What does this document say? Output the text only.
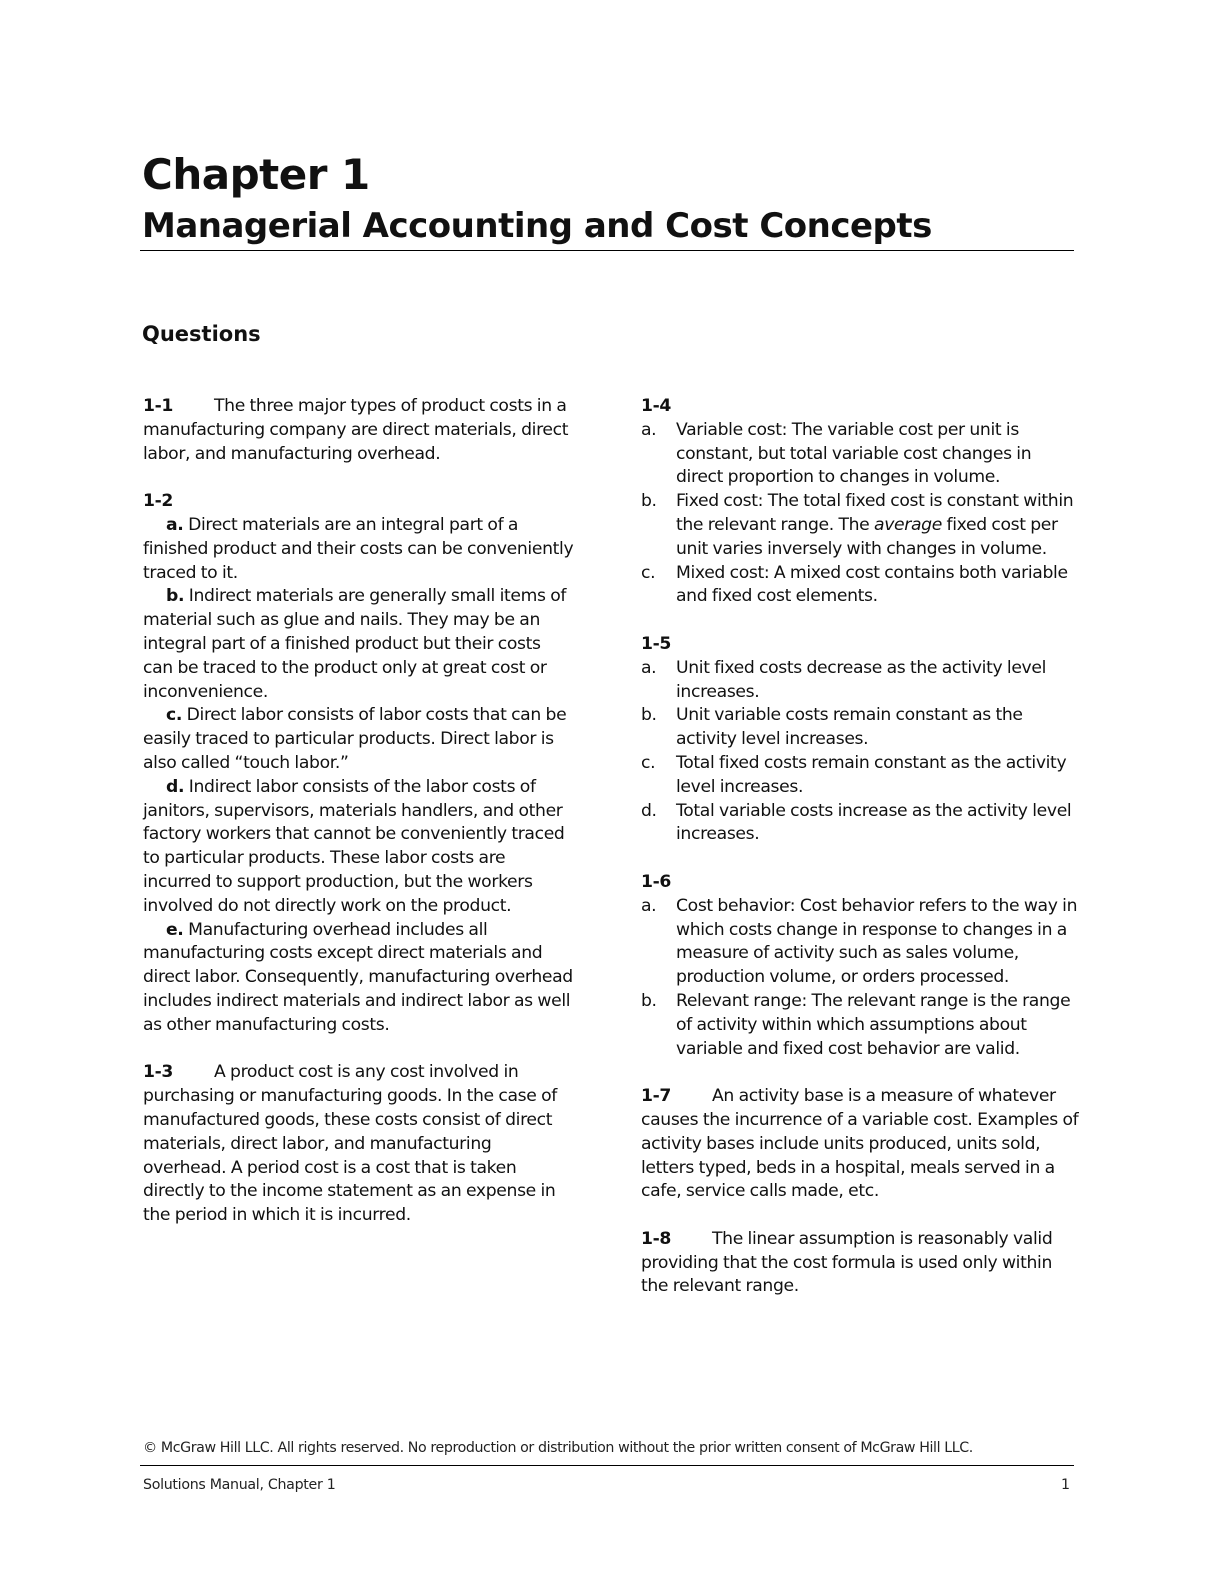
Chapter 1
Managerial Accounting and Cost Concepts
Questions

1-1 The three major types of product costs in a manufacturing company are direct materials, direct labor, and manufacturing overhead.

1-2

a. Direct materials are an integral part of a finished product and their costs can be conveniently traced to it.

b. Indirect materials are generally small items of material such as glue and nails. They may be an integral part of a finished product but their costs can be traced to the product only at great cost or inconvenience.

c. Direct labor consists of labor costs that can be easily traced to particular products. Direct labor is also called “touch labor.”

d. Indirect labor consists of the labor costs of janitors, supervisors, materials handlers, and other factory workers that cannot be conveniently traced to particular products. These labor costs are incurred to support production, but the workers involved do not directly work on the product.

e. Manufacturing overhead includes all manufacturing costs except direct materials and direct labor. Consequently, manufacturing overhead includes indirect materials and indirect labor as well as other manufacturing costs.

1-3 A product cost is any cost involved in purchasing or manufacturing goods. In the case of manufactured goods, these costs consist of direct materials, direct labor, and manufacturing overhead. A period cost is a cost that is taken directly to the income statement as an expense in the period in which it is incurred.

1-4

a.	Variable cost: The variable cost per unit is constant, but total variable cost changes in direct proportion to changes in volume.
b.	Fixed cost: The total fixed cost is constant within the relevant range. The average fixed cost per unit varies inversely with changes in volume.
c.	Mixed cost: A mixed cost contains both variable and fixed cost elements.

1-5

a.	Unit fixed costs decrease as the activity level increases.
b.	Unit variable costs remain constant as the activity level increases.
c.	Total fixed costs remain constant as the activity level increases.
d.	Total variable costs increase as the activity level increases.

1-6

a.	Cost behavior: Cost behavior refers to the way in which costs change in response to changes in a measure of activity such as sales volume, production volume, or orders processed.
b.	Relevant range: The relevant range is the range of activity within which assumptions about variable and fixed cost behavior are valid.

1-7 An activity base is a measure of whatever causes the incurrence of a variable cost. Examples of activity bases include units produced, units sold, letters typed, beds in a hospital, meals served in a cafe, service calls made, etc.

1-8 The linear assumption is reasonably valid providing that the cost formula is used only within the relevant range.

© McGraw Hill LLC. All rights reserved. No reproduction or distribution without the prior written consent of McGraw Hill LLC.
Solutions Manual, Chapter 1	1
